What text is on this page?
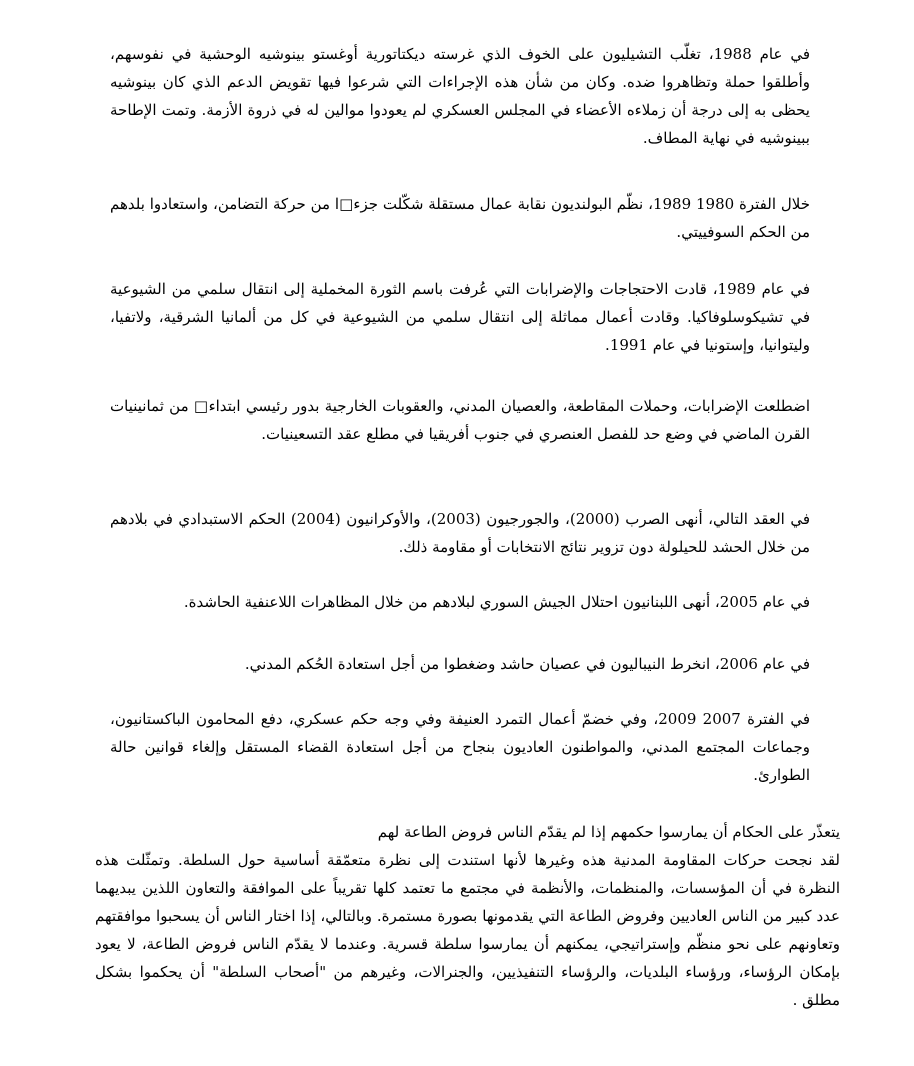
في عام 1988، تغلّب التشيليون على الخوف الذي غرسته ديكتاتورية أوغستو بينوشيه الوحشية في نفوسهم، وأطلقوا حملة وتظاهروا ضده. وكان من شأن هذه الإجراءات التي شرعوا فيها تقويض الدعم الذي كان بينوشيه يحظى به إلى درجة أن زملاءه الأعضاء في المجلس العسكري لم يعودوا موالين له في ذروة الأزمة. وتمت الإطاحة ببينوشيه في نهاية المطاف.

خلال الفترة 1980 1989، نظّم البولنديون نقابة عمال مستقلة شكّلت جزء□ا من حركة التضامن، واستعادوا بلدهم من الحكم السوفييتي.

في عام 1989، قادت الاحتجاجات والإضرابات التي عُرفت باسم الثورة المخملية إلى انتقال سلمي من الشيوعية في تشيكوسلوفاكيا. وقادت أعمال مماثلة إلى انتقال سلمي من الشيوعية في كل من ألمانيا الشرقية، ولاتفيا، وليتوانيا، وإستونيا في عام 1991.

اضطلعت الإضرابات، وحملات المقاطعة، والعصيان المدني، والعقوبات الخارجية بدور رئيسي ابتداء□ من ثمانينيات القرن الماضي في وضع حد للفصل العنصري في جنوب أفريقيا في مطلع عقد التسعينيات.

في العقد التالي، أنهى الصرب (2000)، والجورجيون (2003)، والأوكرانيون (2004) الحكم الاستبدادي في بلادهم من خلال الحشد للحيلولة دون تزوير نتائج الانتخابات أو مقاومة ذلك.

في عام 2005، أنهى اللبنانيون احتلال الجيش السوري لبلادهم من خلال المظاهرات اللاعنفية الحاشدة.

في عام 2006، انخرط النيباليون في عصيان حاشد وضغطوا من أجل استعادة الحُكم المدني.

في الفترة 2007 2009، وفي خضمّ أعمال التمرد العنيفة وفي وجه حكم عسكري، دفع المحامون الباكستانيون، وجماعات المجتمع المدني، والمواطنون العاديون بنجاح من أجل استعادة القضاء المستقل وإلغاء قوانين حالة الطوارئ.

يتعذّر على الحكام أن يمارسوا حكمهم إذا لم يقدّم الناس فروض الطاعة لهم
لقد نجحت حركات المقاومة المدنية هذه وغيرها لأنها استندت إلى نظرة متعمّقة أساسية حول السلطة. وتمثّلت هذه النظرة في أن المؤسسات، والمنظمات، والأنظمة في مجتمع ما تعتمد كلها تقريباً على الموافقة والتعاون اللذين يبديهما عدد كبير من الناس العاديين وفروض الطاعة التي يقدمونها بصورة مستمرة. وبالتالي، إذا اختار الناس أن يسحبوا موافقتهم وتعاونهم على نحو منظّم وإستراتيجي، يمكنهم أن يمارسوا سلطة قسرية. وعندما لا يقدّم الناس فروض الطاعة، لا يعود بإمكان الرؤساء، ورؤساء البلديات، والرؤساء التنفيذيين، والجنرالات، وغيرهم من "أصحاب السلطة" أن يحكموا بشكل مطلق .
